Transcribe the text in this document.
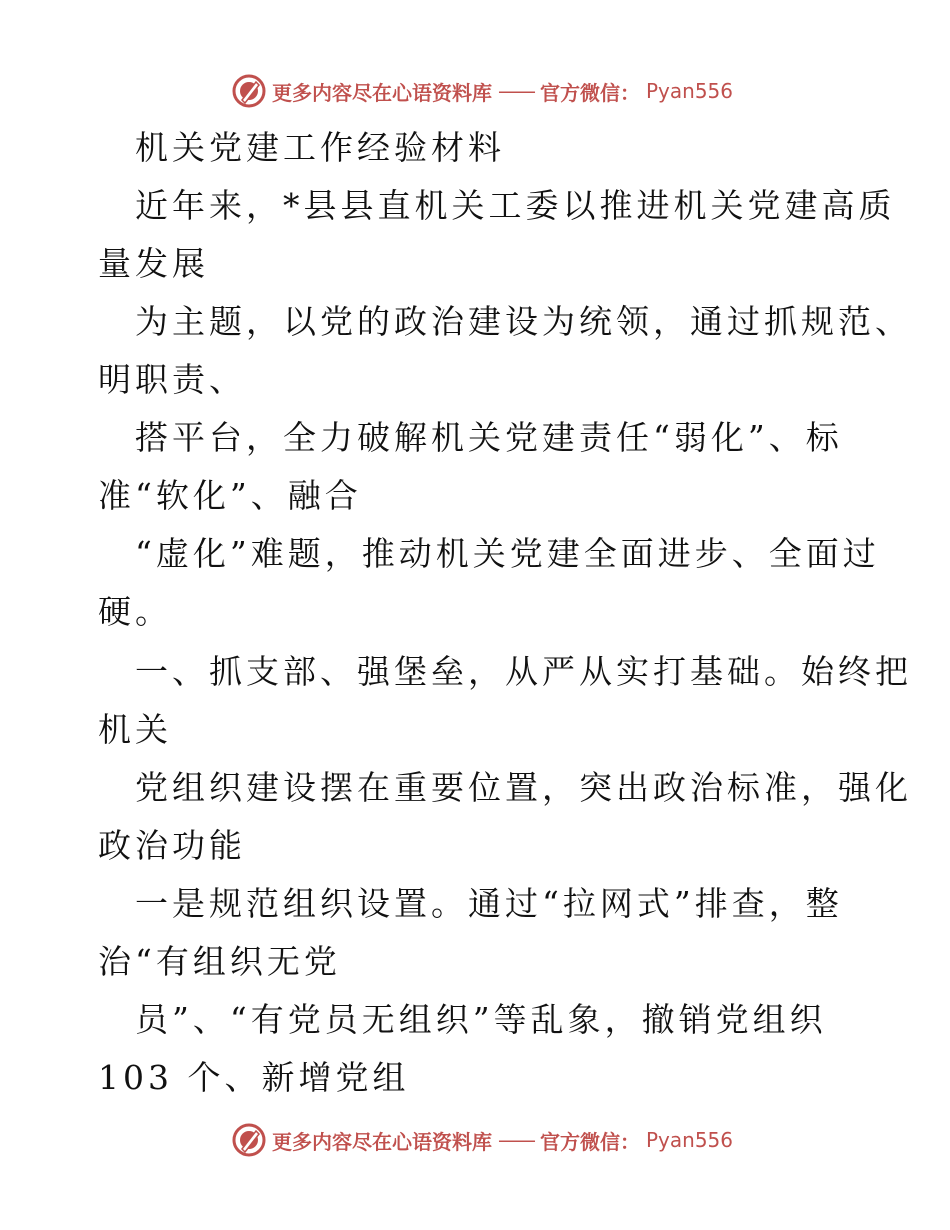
更多内容尽在心语资料库 —— 官方微信： Pyan556
机关党建工作经验材料
近年来，*县县直机关工委以推进机关党建高质
量发展
为主题，以党的政治建设为统领，通过抓规范、
明职责、
搭平台，全力破解机关党建责任“弱化”、标
准“软化”、融合
“虚化”难题，推动机关党建全面进步、全面过
硬。
一、抓支部、强堡垒，从严从实打基础。始终把
机关
党组织建设摆在重要位置，突出政治标准，强化
政治功能
一是规范组织设置。通过“拉网式”排查，整
治“有组织无党
员”、“有党员无组织”等乱象，撤销党组织
103 个、新增党组
更多内容尽在心语资料库 —— 官方微信： Pyan556
